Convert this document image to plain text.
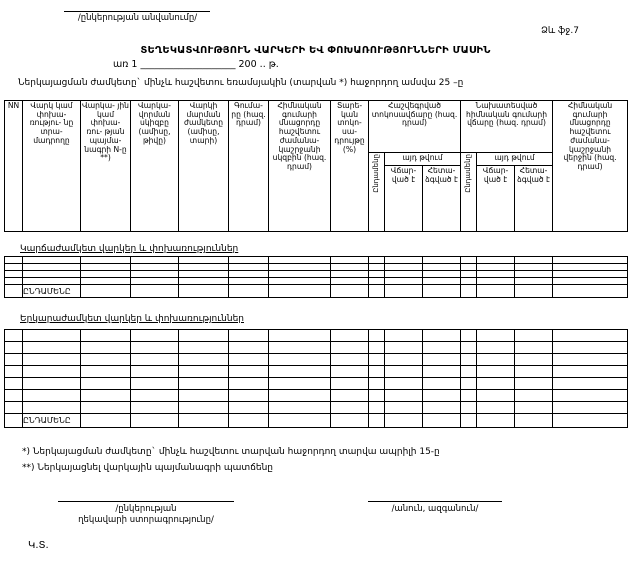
/ընկերության անվանումը/
Ձև ֆջ.7
ՏԵՂԵԿԱՏՎՈՒԹՅՈՒՆ ՎԱՐԿԵՐԻ ԵՎ ՓՈԽԱՌՈՒԹՅՈՒՆՆԵՐԻ ՄԱՍԻՆ
առ 1 ____________________ 200 .. թ.
Ներկայացման ժամկետը` մինչև հաշվետու եռամսյակին (տարվան *) հաջորդող ամսվա 25 –ը
NN	Վարկ կամ փոխա- ռությու- նը տրա- մադրողը	Վարկա- յին կամ փոխա- ռու- թյան պայմա- նագրի N-ը **)	Վարկա- վորման սկիզբը (ամիսը, թիվը)	Վարկի մարման ժամկետը (ամիսը, տարի)	Գումա- րը (հազ. դրամ)	Հիմնական գումարի մնացորդը հաշվետու ժամանա- կաշրջանի սկզբին (հազ. դրամ)	Տարե- կան տոկո- սա- դրույթը (%)	Հաշվեգրված տոկոսավճարը (հազ. դրամ)			Նախատեսված հիմնական գումարի վճարը (հազ. դրամ)			Հիմնական գումարի մնացորդը հաշվետու ժամանա- կաշրջանի վերջին (հազ. դրամ)
								Ընդամենը	այդ թվում		Ընդամենը	այդ թվում		
									Վճար- ված է	Հետա- ձգված է		Վճար- ված է	Հետա- ձգված է	
Կարճաժամկետ վարկեր և փոխառություններ

	ԸՆԴԱՄԵՆԸ													
Երկարաժամկետ վարկեր և փոխառություններ

	ԸՆԴԱՄԵՆԸ													
*) Ներկայացման ժամկետը` մինչև հաշվետու տարվան հաջորդող տարվա ապրիլի 15-ը
**) Ներկայացնել վարկային պայմանագրի պատճենը
/ընկերության
ղեկավարի ստորագրությունը/
/անուն, ազգանուն/
Կ.Տ.
